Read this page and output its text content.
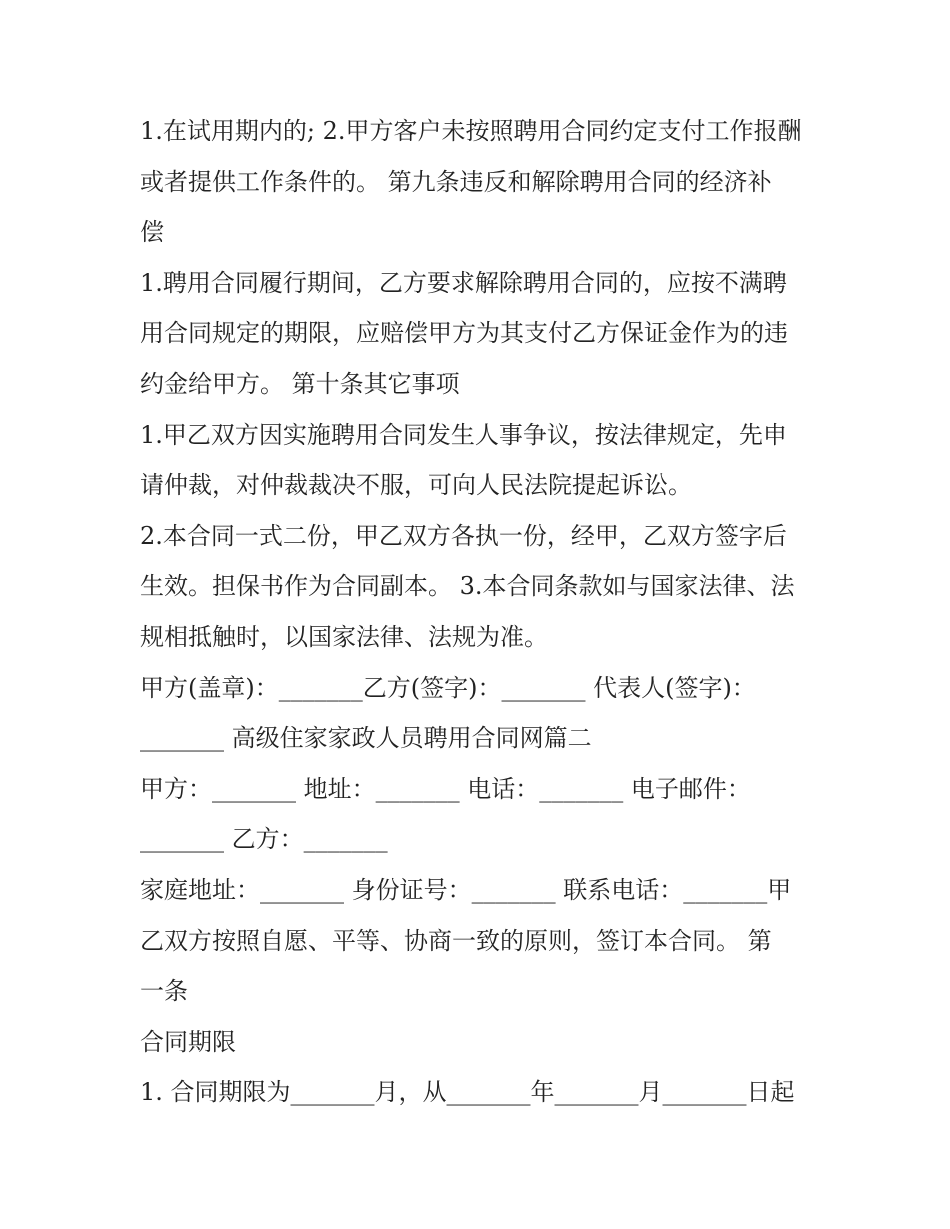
1.在试用期内的; 2.甲方客户未按照聘用合同约定支付工作报酬
或者提供工作条件的。 第九条违反和解除聘用合同的经济补
偿
1.聘用合同履行期间，乙方要求解除聘用合同的，应按不满聘
用合同规定的期限，应赔偿甲方为其支付乙方保证金作为的违
约金给甲方。 第十条其它事项
1.甲乙双方因实施聘用合同发生人事争议，按法律规定，先申
请仲裁，对仲裁裁决不服，可向人民法院提起诉讼。
2.本合同一式二份，甲乙双方各执一份，经甲，乙双方签字后
生效。担保书作为合同副本。 3.本合同条款如与国家法律、法
规相抵触时，以国家法律、法规为准。
甲方(盖章)：_______乙方(签字)：_______ 代表人(签字)：
_______ 高级住家家政人员聘用合同网篇二
甲方：_______ 地址：_______ 电话：_______ 电子邮件：
_______ 乙方：_______
家庭地址：_______ 身份证号：_______ 联系电话：_______甲
乙双方按照自愿、平等、协商一致的原则，签订本合同。 第
一条
合同期限
1. 合同期限为_______月，从_______年_______月_______日起
